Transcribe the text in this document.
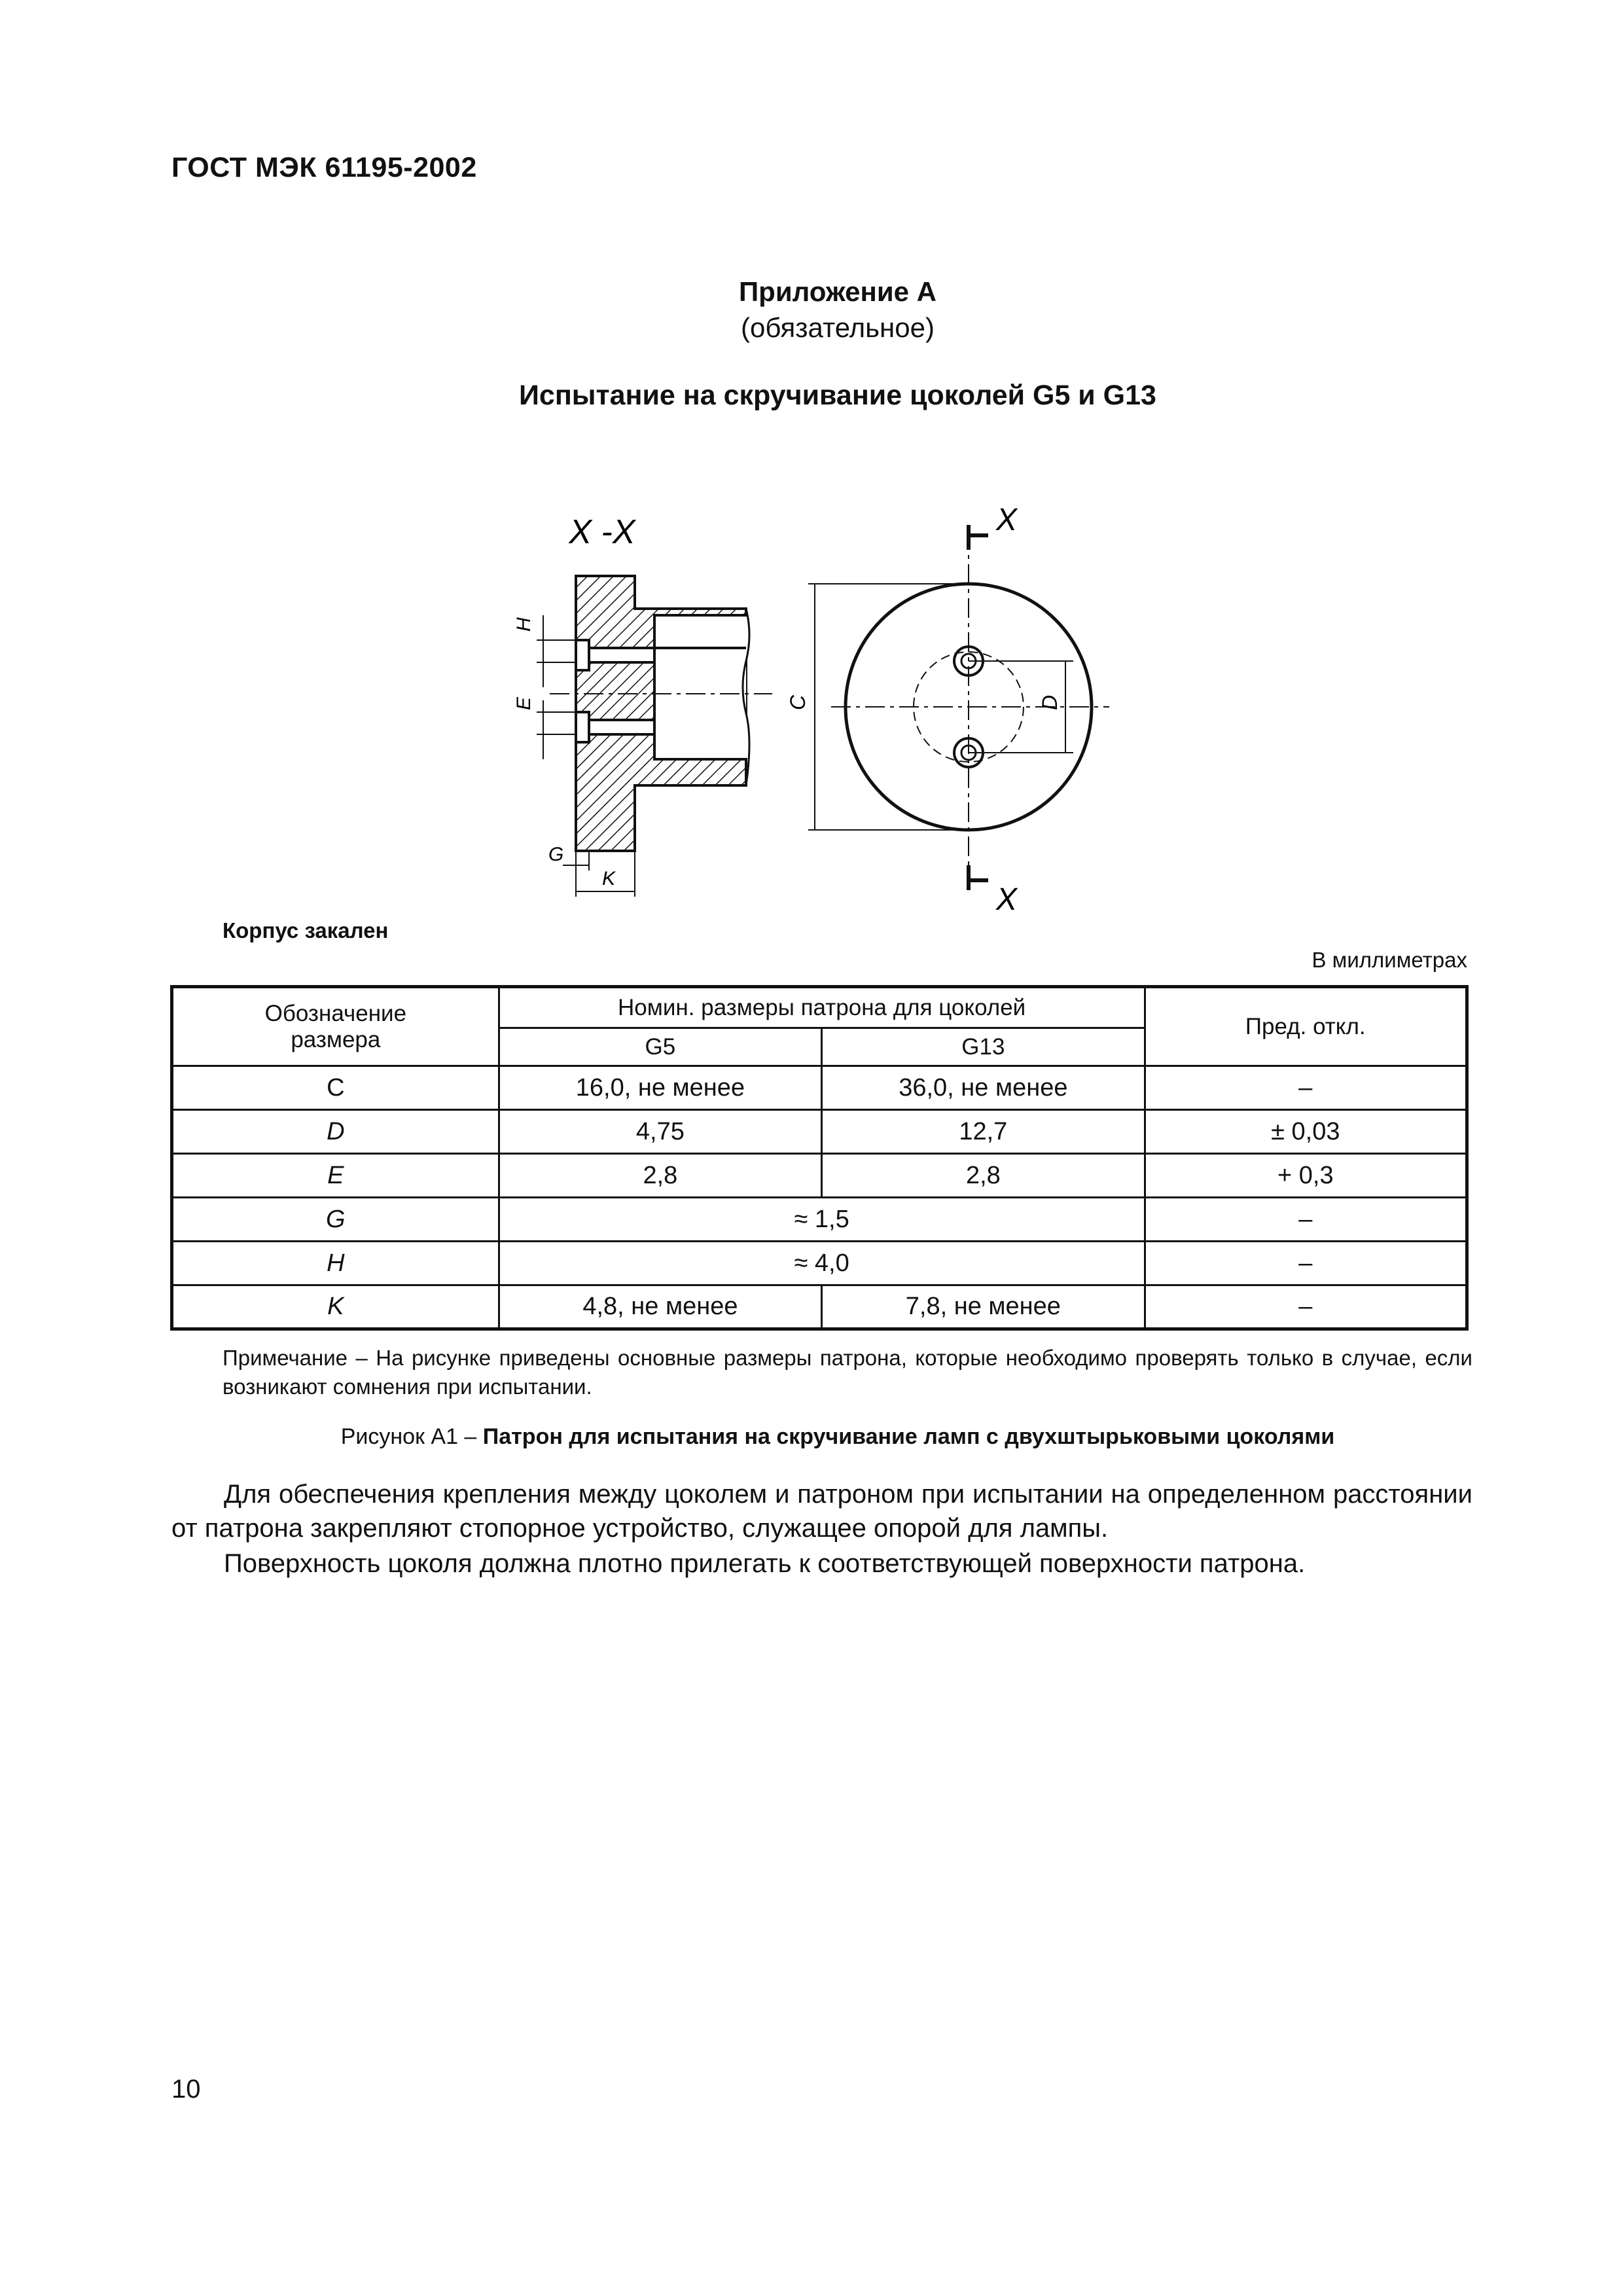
ГОСТ МЭК 61195-2002
Приложение А
(обязательное)
Испытание на скручивание цоколей G5 и G13
X -X
H
E
G
K
X
X
C	D
Корпус закален
В миллиметрах
Обозначение размера	Номин. размеры патрона для цоколей		Пред. откл.
	G5	G13	
C	16,0, не менее	36,0, не менее	–
D	4,75	12,7	± 0,03
E	2,8	2,8	+ 0,3
G	≈ 1,5		–
H	≈ 4,0		–
K	4,8, не менее	7,8, не менее	–
Примечание – На рисунке приведены основные размеры патрона, которые необходимо проверять только в случае, если возникают сомнения при испытании.
Рисунок А1 – Патрон для испытания на скручивание ламп с двухштырьковыми цоколями
Для обеспечения крепления между цоколем и патроном при испытании на определенном расстоянии от патрона закрепляют стопорное устройство, служащее опорой для лампы.
Поверхность цоколя должна плотно прилегать к соответствующей поверхности патрона.
10
